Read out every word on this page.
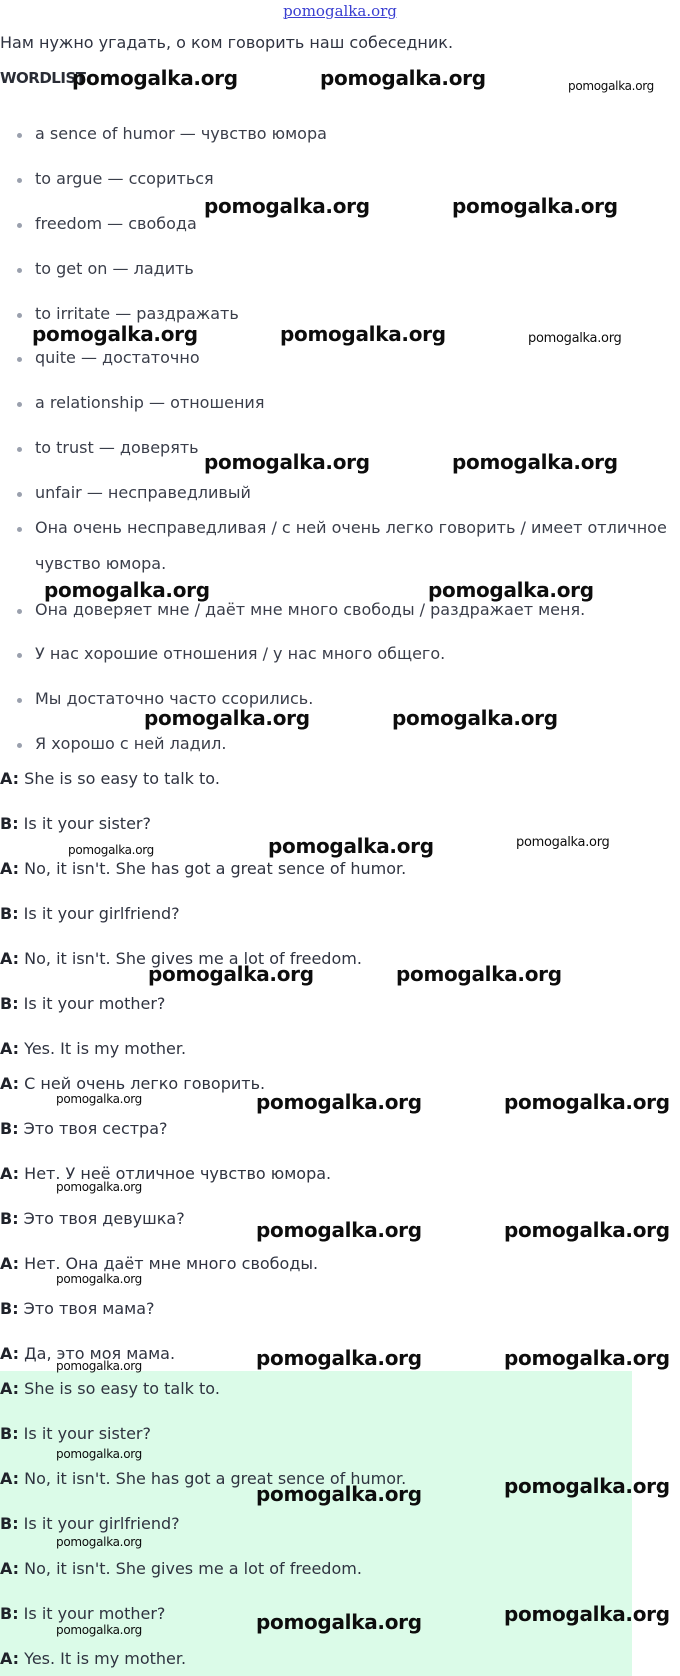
pomogalka.org
Нам нужно угадать, о ком говорить наш собеседник.
WORDLIST
a sence of humor — чувство юмора
to argue — ссориться
freedom — свобода
to get on — ладить
to irritate — раздражать
quite — достаточно
a relationship — отношения
to trust — доверять
unfair — несправедливый
Она очень несправедливая / с ней очень легко говорить / имеет отличное чувство юмора.
Она доверяет мне / даёт мне много свободы / раздражает меня.
У нас хорошие отношения / у нас много общего.
Мы достаточно часто ссорились.
Я хорошо с ней ладил.
A: She is so easy to talk to.
B: Is it your sister?
A: No, it isn't. She has got a great sence of humor.
B: Is it your girlfriend?
A: No, it isn't. She gives me a lot of freedom.
B: Is it your mother?
A: Yes. It is my mother.
A: С ней очень легко говорить.
B: Это твоя сестра?
A: Нет. У неё отличное чувство юмора.
B: Это твоя девушка?
A: Нет. Она даёт мне много свободы.
B: Это твоя мама?
A: Да, это моя мама.
A: She is so easy to talk to.
B: Is it your sister?
A: No, it isn't. She has got a great sence of humor.
B: Is it your girlfriend?
A: No, it isn't. She gives me a lot of freedom.
B: Is it your mother?
A: Yes. It is my mother.
pomogalka.org	pomogalka.org	pomogalka.org
pomogalka.org	pomogalka.org
pomogalka.org	pomogalka.org	pomogalka.org
pomogalka.org	pomogalka.org
pomogalka.org	pomogalka.org
pomogalka.org	pomogalka.org
pomogalka.org	pomogalka.org	pomogalka.org
pomogalka.org	pomogalka.org
pomogalka.org	pomogalka.org	pomogalka.org
pomogalka.org
pomogalka.org	pomogalka.org
pomogalka.org
pomogalka.org	pomogalka.org
pomogalka.org
pomogalka.org
pomogalka.org	pomogalka.org
pomogalka.org
pomogalka.org	pomogalka.org	pomogalka.org
